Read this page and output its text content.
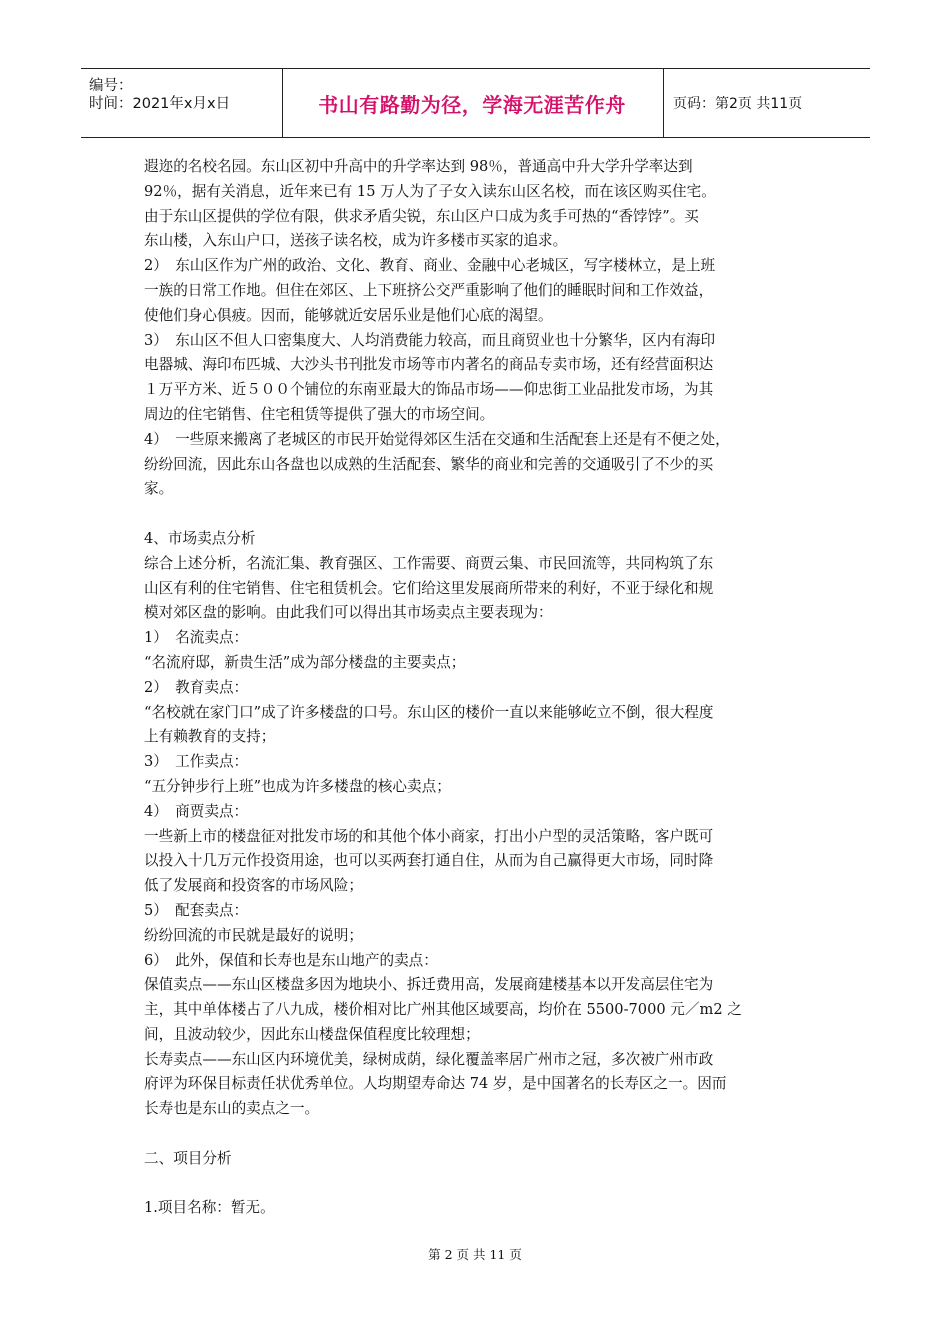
编号：
时间：2021年x月x日	书山有路勤为径，学海无涯苦作舟	页码：第2页 共11页

遐迩的名校名园。东山区初中升高中的升学率达到 98％，普通高中升大学升学率达到

92％，据有关消息，近年来已有 15 万人为了子女入读东山区名校，而在该区购买住宅。

由于东山区提供的学位有限，供求矛盾尖锐，东山区户口成为炙手可热的“香饽饽”。买

东山楼，入东山户口，送孩子读名校，成为许多楼市买家的追求。

2）　东山区作为广州的政治、文化、教育、商业、金融中心老城区，写字楼林立，是上班

一族的日常工作地。但住在郊区、上下班挤公交严重影响了他们的睡眠时间和工作效益，

使他们身心俱疲。因而，能够就近安居乐业是他们心底的渴望。

3）　东山区不但人口密集度大、人均消费能力较高，而且商贸业也十分繁华，区内有海印

电器城、海印布匹城、大沙头书刊批发市场等市内著名的商品专卖市场，还有经营面积达

１万平方米、近５００个铺位的东南亚最大的饰品市场——仰忠街工业品批发市场，为其

周边的住宅销售、住宅租赁等提供了强大的市场空间。

4）　一些原来搬离了老城区的市民开始觉得郊区生活在交通和生活配套上还是有不便之处，

纷纷回流，因此东山各盘也以成熟的生活配套、繁华的商业和完善的交通吸引了不少的买

家。

4、市场卖点分析

综合上述分析，名流汇集、教育强区、工作需要、商贾云集、市民回流等，共同构筑了东

山区有利的住宅销售、住宅租赁机会。它们给这里发展商所带来的利好，不亚于绿化和规

模对郊区盘的影响。由此我们可以得出其市场卖点主要表现为：

1）　名流卖点：

“名流府邸，新贵生活”成为部分楼盘的主要卖点；

2）　教育卖点：

“名校就在家门口”成了许多楼盘的口号。东山区的楼价一直以来能够屹立不倒，很大程度

上有赖教育的支持；

3）　工作卖点：

“五分钟步行上班”也成为许多楼盘的核心卖点；

4）　商贾卖点：

一些新上市的楼盘征对批发市场的和其他个体小商家，打出小户型的灵活策略，客户既可

以投入十几万元作投资用途，也可以买两套打通自住，从而为自己赢得更大市场，同时降

低了发展商和投资客的市场风险；

5）　配套卖点：

纷纷回流的市民就是最好的说明；

6）　此外，保值和长寿也是东山地产的卖点：

保值卖点——东山区楼盘多因为地块小、拆迁费用高，发展商建楼基本以开发高层住宅为

主，其中单体楼占了八九成，楼价相对比广州其他区域要高，均价在 5500-7000 元／m2 之

间，且波动较少，因此东山楼盘保值程度比较理想；

长寿卖点——东山区内环境优美，绿树成荫，绿化覆盖率居广州市之冠，多次被广州市政

府评为环保目标责任状优秀单位。人均期望寿命达 74 岁，是中国著名的长寿区之一。因而

长寿也是东山的卖点之一。

二、项目分析

1.项目名称：暂无。

第 2 页 共 11 页
